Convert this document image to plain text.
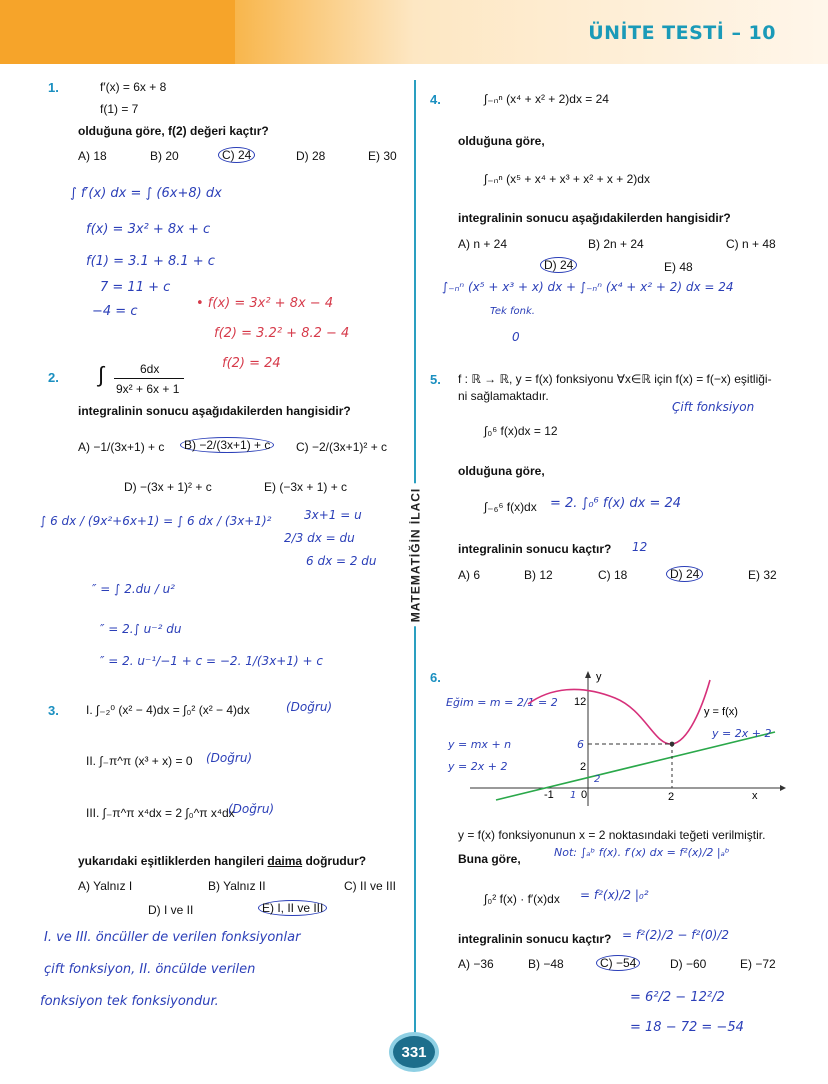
ÜNİTE TESTİ – 10
MATEMATİĞİN İLACI
1.	f′(x) = 6x + 8
f(1) = 7
olduğuna göre, f(2) değeri kaçtır?
A) 18	B) 20	C) 24	D) 28	E) 30
∫ f′(x) dx = ∫ (6x+8) dx
f(x) = 3x² + 8x + c
f(1) = 3.1 + 8.1 + c
7 = 11 + c
−4 = c
• f(x) = 3x² + 8x − 4
f(2) = 3.2² + 8.2 − 4
f(2) = 24
2. ∫	6dx
9x² + 6x + 1
integralinin sonucu aşağıdakilerden hangisidir?
A) −1/(3x+1) + c	B) −2/(3x+1) + c	C) −2/(3x+1)² + c
D) −(3x + 1)² + c	E) (−3x + 1) + c
∫ 6 dx / (9x²+6x+1) = ∫ 6 dx / (3x+1)²	3x+1 = u
2/3 dx = du
6 dx = 2 du
″ = ∫ 2.du / u²
″ = 2.∫ u⁻² du
″ = 2. u⁻¹/−1 + c = −2. 1/(3x+1) + c
3. I. ∫₋₂⁰ (x² − 4)dx = ∫₀² (x² − 4)dx	(Doğru)
II. ∫₋π^π (x³ + x) = 0 (Doğru)
III. ∫₋π^π x⁴dx = 2 ∫₀^π x⁴dx
(Doğru)
yukarıdaki eşitliklerden hangileri daima doğrudur?
A) Yalnız I	B) Yalnız II	C) II ve III
D) I ve II	E) I, II ve III
I. ve III. öncüller de verilen fonksiyonlar
çift fonksiyon, II. öncülde verilen
fonksiyon tek fonksiyondur.
4.	∫₋ₙⁿ (x⁴ + x² + 2)dx = 24
olduğuna göre,
∫₋ₙⁿ (x⁵ + x⁴ + x³ + x² + x + 2)dx
integralinin sonucu aşağıdakilerden hangisidir?
A) n + 24	B) 2n + 24	C) n + 48
D) 24	E) 48
∫₋ₙⁿ (x⁵ + x³ + x) dx + ∫₋ₙⁿ (x⁴ + x² + 2) dx = 24
Tek fonk.
0
5. f : ℝ → ℝ, y = f(x) fonksiyonu ∀x∈ℝ için f(x) = f(−x) eşitliği-
ni sağlamaktadır.
Çift fonksiyon
∫₀⁶ f(x)dx = 12
olduğuna göre,
∫₋₆⁶ f(x)dx = 2. ∫₀⁶ f(x) dx = 24
integralinin sonucu kaçtır? 12
A) 6	B) 12	C) 18	D) 24	E) 32
6.
Eğim = m = 2/1 = 2
y = mx + n
y = 2x + 2
y
x
12
6
2
-1 1 0	2
2
y = f(x)
y = 2x + 2
y = f(x) fonksiyonunun x = 2 noktasındaki teğeti verilmiştir.
Buna göre,	Not: ∫ₐᵇ f(x). f′(x) dx = f²(x)/2 |ₐᵇ
∫₀² f(x) · f′(x)dx = f²(x)/2 |₀²
integralinin sonucu kaçtır? = f²(2)/2 − f²(0)/2
A) −36	B) −48	C) −54	D) −60	E) −72
= 6²/2 − 12²/2
= 18 − 72 = −54
331
